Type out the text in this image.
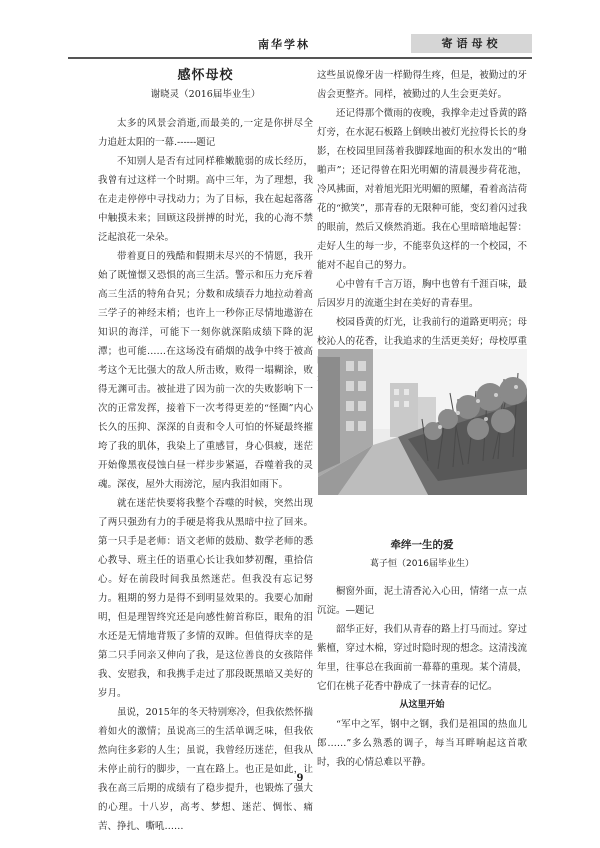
南华学林	寄语母校

感怀母校

谢晓灵（2016届毕业生）

太多的风景会消逝,而最美的,一定是你拼尽全力追赶太阳的一幕.------题记

不知别人是否有过同样稚嫩脆弱的成长经历，我曾有过这样一个时期。高中三年，为了理想，我在走走停停中寻找动力；为了目标，我在起起落落中触摸未来；回顾这段拼搏的时光，我的心海不禁泛起浪花一朵朵。

带着夏日的残酷和假期未尽兴的不情愿，我开始了既憧憬又恐惧的高三生活。警示和压力充斥着高三生活的特角旮旯；分数和成绩吞力地拉动着高三学子的神经末梢；也许上一秒你正尽情地遨游在知识的海洋，可能下一刻你就深陷成绩下降的泥潭；也可能……在这场没有硝烟的战争中终于被高考这个无比强大的敌人所击败，败得一塌糊涂，败得无渊可击。被扯进了因为前一次的失败影响下一次的正常发挥，接着下一次考得更差的“怪圈”内心长久的压抑、深深的自责和令人可怕的怀疑最终摧垮了我的肌体，我染上了重感冒，身心俱疲，迷茫开始像黑夜侵蚀白昼一样步步紧逼，吞噬着我的灵魂。深夜，屋外大雨滂沱，屋内我泪如雨下。

就在迷茫快要将我整个吞噬的时候，突然出现了两只强劲有力的手硬是将我从黑暗中拉了回来。第一只手是老师：语文老师的鼓励、数学老师的悉心教导、班主任的语重心长让我如梦初醒，重拾信心。好在前段时间我虽然迷茫。但我没有忘记努力。粗期的努力是得不到明显效果的。我要心加耐明，但是理智终究还是向感性俯首称臣，眼角的泪水还是无情地背叛了多情的双眸。但值得庆幸的是第二只手同亲又伸向了我，是这位善良的女孩陪伴我、安慰我，和我携手走过了那段既黑暗又美好的岁月。

虽说，2015年的冬天特别寒冷，但我依然怀揣着如火的激情；虽说高三的生活单调乏味，但我依然向往多彩的人生；虽说，我曾经历迷茫，但我从未停止前行的脚步，一直在路上。也正是如此，让我在高三后期的成绩有了稳步提升，也锻炼了强大的心理。十八岁，高考、梦想、迷茫、惆怅、痛苦、挣扎、嘶吼……

这些虽说像牙齿一样勤得生疼，但是，被勤过的牙齿会更整齐。同样，被勤过的人生会更美好。

还记得那个微雨的夜晚，我撑伞走过昏黄的路灯旁，在水泥石板路上倒映出被灯光拉得长长的身影，在校园里回荡着我脚踩地面的积水发出的“啪啪声”；还记得曾在阳光明媚的清晨漫步荷花池，冷风拂面，对着旭光阳光明媚的照耀，看着高洁荷花的“掀笑”，那青春的无限种可能，变幻着闪过我的眼前，然后又倏然消逝。我在心里暗暗地起誓：走好人生的每一步，不能辜负这样的一个校园，不能对不起自己的努力。

心中曾有千言万语，胸中也曾有千涯百味，最后因岁月的流逝尘封在美好的青春里。

校园昏黄的灯光，让我前行的道路更明亮；母校沁人的花香，让我追求的生活更美好；母校厚重

牵绊一生的爱

葛子恒（2016届毕业生）

橱窗外面，泥土清香沁入心田，情绪一点一点沉淀。—题记

韶华正好，我们从青春的路上打马而过。穿过紫檀，穿过木棉，穿过时隐时现的想念。这清浅流年里，往事总在我面前一幕幕的重现。某个清晨，它们在桃子花香中静成了一抹青春的记忆。

从这里开始

“军中之军，钢中之钢，我们是祖国的热血儿郎……”多么熟悉的调子，每当耳畔响起这首歌时，我的心情总难以平静。

9
